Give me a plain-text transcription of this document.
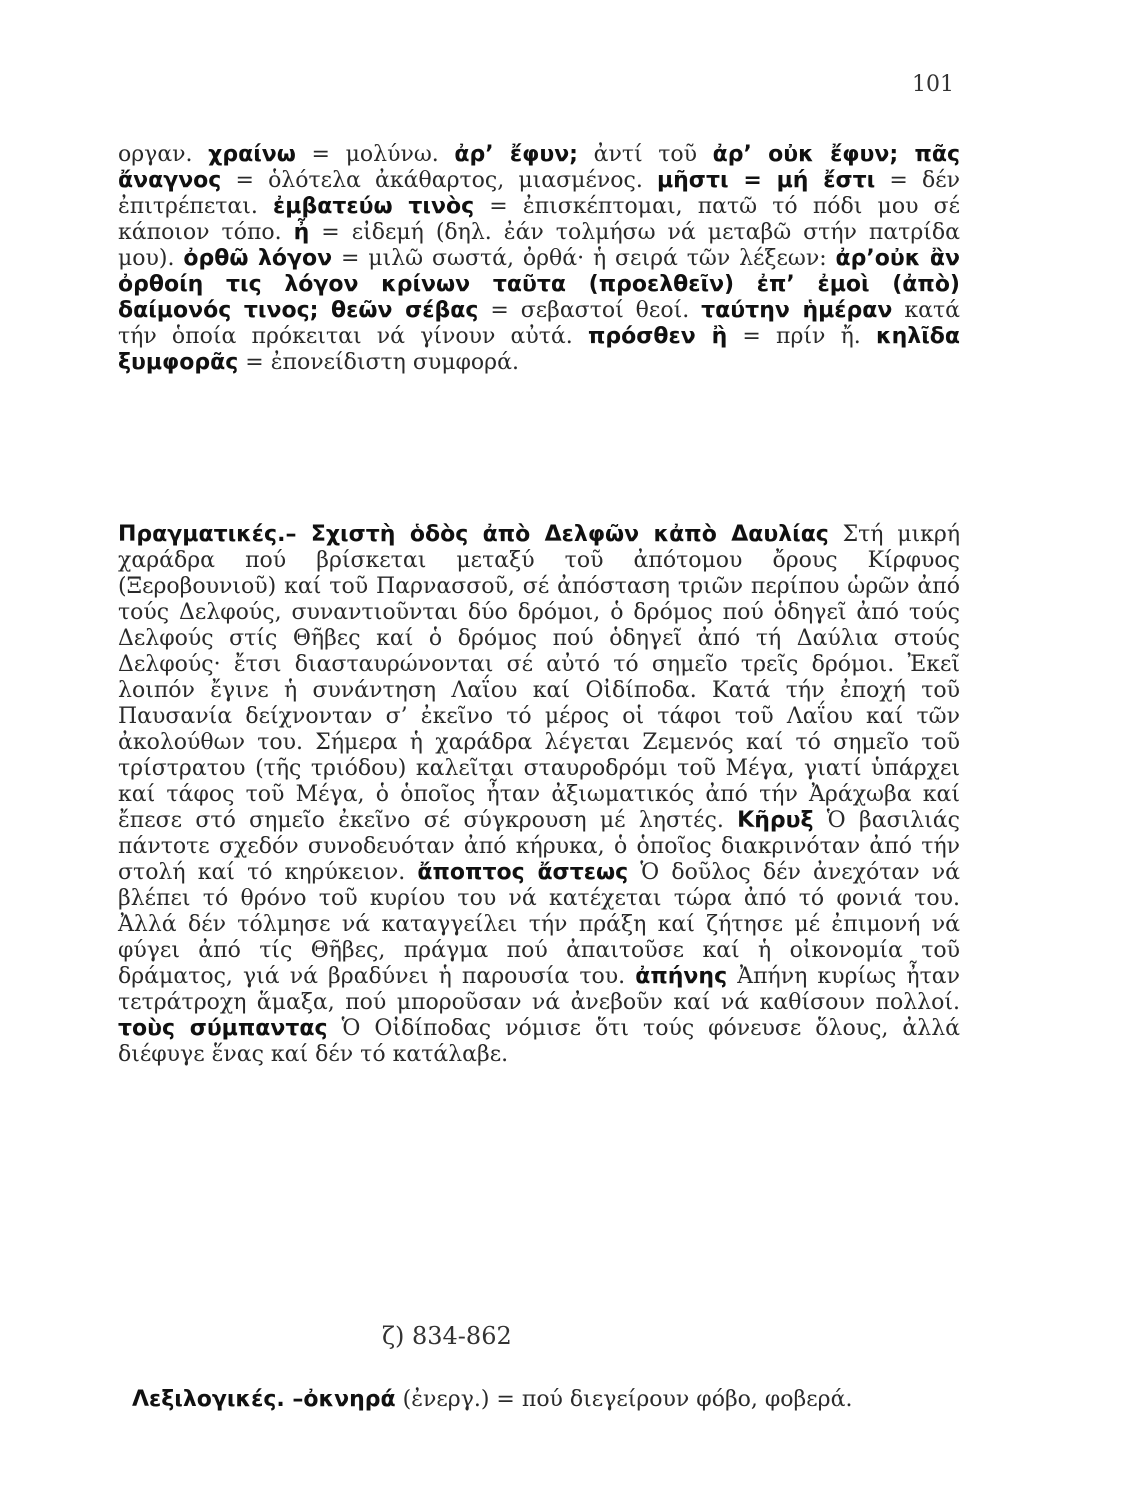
101

οργαν. χραίνω = μολύνω. ἀρ’ ἔφυν; ἀντί τοῦ ἀρ’ οὐκ ἔφυν; πᾶς ἄναγνος = ὁλότελα ἀκάθαρτος, μιασμένος. μῆστι = μή ἔστι = δέν ἐπιτρέπεται. ἐμβατεύω τινὸς = ἐπισκέπτομαι, πατῶ τό πόδι μου σέ κάποιον τόπο. ἦ = εἰδεμή (δηλ. ἐάν τολμήσω νά μεταβῶ στήν πατρίδα μου). ὀρθῶ λόγον = μιλῶ σωστά, ὀρθά· ἡ σειρά τῶν λέξεων: ἀρ’οὐκ ἂν ὀρθοίη τις λόγον κρίνων ταῦτα (προελθεῖν) ἐπ’ ἐμοὶ (ἀπὸ) δαίμονός τινος; θεῶν σέβας = σεβαστοί θεοί. ταύτην ἡμέραν κατά τήν ὁποία πρόκειται νά γίνουν αὐτά. πρόσθεν ἢ = πρίν ἤ. κηλῖδα ξυμφορᾶς = ἐπονείδιστη συμφορά.

Πραγματικές.– Σχιστὴ ὁδὸς ἀπὸ Δελφῶν κἀπὸ Δαυλίας Στή μικρή χαράδρα πού βρίσκεται μεταξύ τοῦ ἀπότομου ὄρους Κίρφυος (Ξεροβουνιοῦ) καί τοῦ Παρνασσοῦ, σέ ἀπόσταση τριῶν περίπου ὡρῶν ἀπό τούς Δελφούς, συναντιοῦνται δύο δρόμοι, ὁ δρόμος πού ὁδηγεῖ ἀπό τούς Δελφούς στίς Θῆβες καί ὁ δρόμος πού ὁδηγεῖ ἀπό τή Δαύλια στούς Δελφούς· ἔτσι διασταυρώνονται σέ αὐτό τό σημεῖο τρεῖς δρόμοι. Ἐκεῖ λοιπόν ἔγινε ἡ συνάντηση Λαΐου καί Οἰδίποδα. Κατά τήν ἐποχή τοῦ Παυσανία δείχνονταν σ’ ἐκεῖνο τό μέρος οἱ τάφοι τοῦ Λαΐου καί τῶν ἀκολούθων του. Σήμερα ἡ χαράδρα λέγεται Ζεμενός καί τό σημεῖο τοῦ τρίστρατου (τῆς τριόδου) καλεῖται σταυροδρόμι τοῦ Μέγα, γιατί ὑπάρχει καί τάφος τοῦ Μέγα, ὁ ὁποῖος ἦταν ἀξιωματικός ἀπό τήν Ἀράχωβα καί ἔπεσε στό σημεῖο ἐκεῖνο σέ σύγκρουση μέ ληστές. Κῆρυξ Ὁ βασιλιάς πάντοτε σχεδόν συνοδευόταν ἀπό κήρυκα, ὁ ὁποῖος διακρινόταν ἀπό τήν στολή καί τό κηρύκειον. ἄποπτος ἄστεως Ὁ δοῦλος δέν ἀνεχόταν νά βλέπει τό θρόνο τοῦ κυρίου του νά κατέχεται τώρα ἀπό τό φονιά του. Ἀλλά δέν τόλμησε νά καταγγείλει τήν πράξη καί ζήτησε μέ ἐπιμονή νά φύγει ἀπό τίς Θῆβες, πράγμα πού ἀπαιτοῦσε καί ἡ οἰκονομία τοῦ δράματος, γιά νά βραδύνει ἡ παρουσία του. ἀπήνης Ἀπήνη κυρίως ἦταν τετράτροχη ἅμαξα, πού μποροῦσαν νά ἀνεβοῦν καί νά καθίσουν πολλοί. τοὺς σύμπαντας Ὁ Οἰδίποδας νόμισε ὅτι τούς φόνευσε ὅλους, ἀλλά διέφυγε ἕνας καί δέν τό κατάλαβε.

ζ) 834-862

Λεξιλογικές. –ὀκνηρά (ἐνεργ.) = πού διεγείρουν φόβο, φοβερά.
